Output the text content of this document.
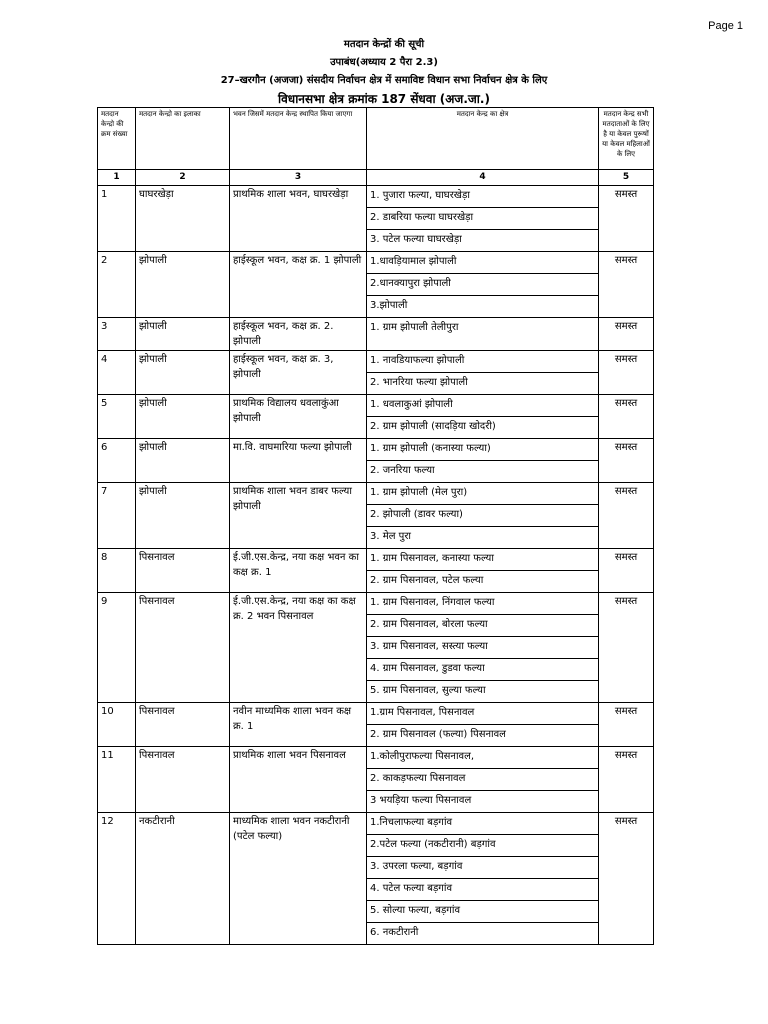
Page 1
मतदान केन्द्रों की सूची
उपाबंध(अध्याय 2 पैरा 2.3)
27–खरगौन (अजजा) संसदीय निर्वाचन क्षेत्र में समाविष्ट विधान सभा निर्वाचन क्षेत्र के लिए
विधानसभा क्षेत्र क्रमांक 187 सेंधवा (अज.जा.)
मतदान केन्द्रो की क्रम संख्या	मतदान केन्द्रो का इलाका	भवन जिसमें मतदान केन्द्र स्थापित किया जाएगा	मतदान केन्द्र का क्षेत्र	मतदान केन्द्र सभी मतदाताओं के लिए है या केवल पुरूषों या केवल महिलाओं के लिए
1	2	3	4	5
1	घाघरखेड़ा	प्राथमिक शाला भवन, घाघरखेड़ा	1. पुजारा फल्या, घाघरखेड़ा	समस्त
			2. डाबरिया फल्या घाघरखेड़ा	
			3. पटेल फल्या घाघरखेड़ा	
2	झोपाली	हाईस्कूल भवन, कक्ष क्र. 1 झोपाली	1.धावड़ियामाल झोपाली	समस्त
			2.धानक्यापुरा झोपाली	
			3.झोपाली	
3	झोपाली	हाईस्कूल भवन, कक्ष क्र. 2. झोपाली	1. ग्राम झोपाली तेलीपुरा	समस्त
4	झोपाली	हाईस्कूल भवन, कक्ष क्र. 3, झोपाली	1. नावडियाफल्या झोपाली	समस्त
			2. भानरिया फल्या झोपाली	
5	झोपाली	प्राथमिक विद्यालय धवलाकुंआ झोपाली	1. धवलाकुआं झोपाली	समस्त
			2. ग्राम झोपाली (सादड़िया खोदरी)	
6	झोपाली	मा.वि. वाघमारिया फल्या झोपाली	1. ग्राम झोपाली (कनास्या फल्या)	समस्त
			2. जनरिया फल्या	
7	झोपाली	प्राथमिक शाला भवन डाबर फल्या झोपाली	1. ग्राम झोपाली (मेल पुरा)	समस्त
			2. झोपाली (डावर फल्या)	
			3. मेल पुरा	
8	पिसनावल	ई.जी.एस.केन्द्र, नया कक्ष भवन का कक्ष क्र. 1	1. ग्राम पिसनावल, कनास्या फल्या	समस्त
			2. ग्राम पिसनावल, पटेल फल्या	
9	पिसनावल	ई.जी.एस.केन्द्र, नया कक्ष का कक्ष क्र. 2 भवन पिसनावल	1. ग्राम पिसनावल, निंगवाल फल्या	समस्त
			2. ग्राम पिसनावल, बोरला फल्या	
			3. ग्राम पिसनावल, सस्त्या फल्या	
			4. ग्राम पिसनावल, डुडवा फल्या	
			5. ग्राम पिसनावल, सुल्या फल्या	
10	पिसनावल	नवीन माध्यमिक शाला भवन कक्ष क्र. 1	1.ग्राम पिसनावल, पिसनावल	समस्त
			2. ग्राम पिसनावल (फल्या) पिसनावल	
11	पिसनावल	प्राथमिक शाला भवन पिसनावल	1.कोलीपुराफल्या पिसनावल,	समस्त
			2. काकड़फल्या पिसनावल	
			3 भयड़िया फल्या पिसनावल	
12	नकटीरानी	माध्यमिक शाला भवन नकटीरानी (पटेल फल्या)	1.निचलाफल्या बड़गांव	समस्त
			2.पटेल फल्या (नकटीरानी) बड़गांव	
			3. उपरला फल्या, बड़गांव	
			4. पटेल फल्या बड़गांव	
			5. सोल्या फल्या, बड़गांव	
			6. नकटीरानी	
